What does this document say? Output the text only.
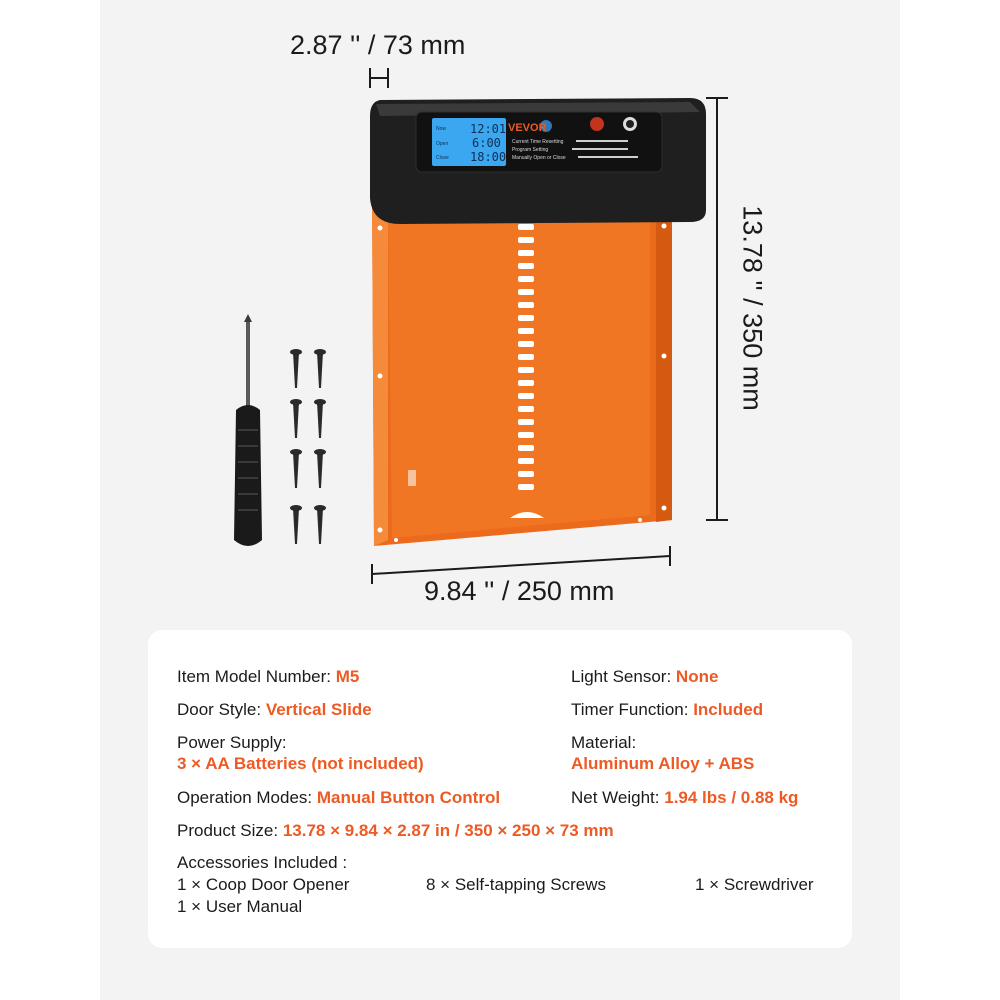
VEVOR
12:01
6:00
18:00
Now
Open
Close
Current Time Resetting
Program Setting
Manually Open or Close
2.87 '' / 73 mm
13.78 '' / 350 mm
9.84 '' / 250 mm
Item Model Number: M5	Light Sensor: None
Door Style: Vertical Slide	Timer Function: Included
Power Supply:
3 × AA Batteries (not included)
Material:
Aluminum Alloy + ABS
Operation Modes: Manual Button Control	Net Weight: 1.94 lbs / 0.88 kg
Product Size: 13.78 × 9.84 × 2.87 in / 350 × 250 × 73 mm
Accessories Included :
1 × Coop Door Opener	8 × Self-tapping Screws	1 × Screwdriver
1 × User Manual
